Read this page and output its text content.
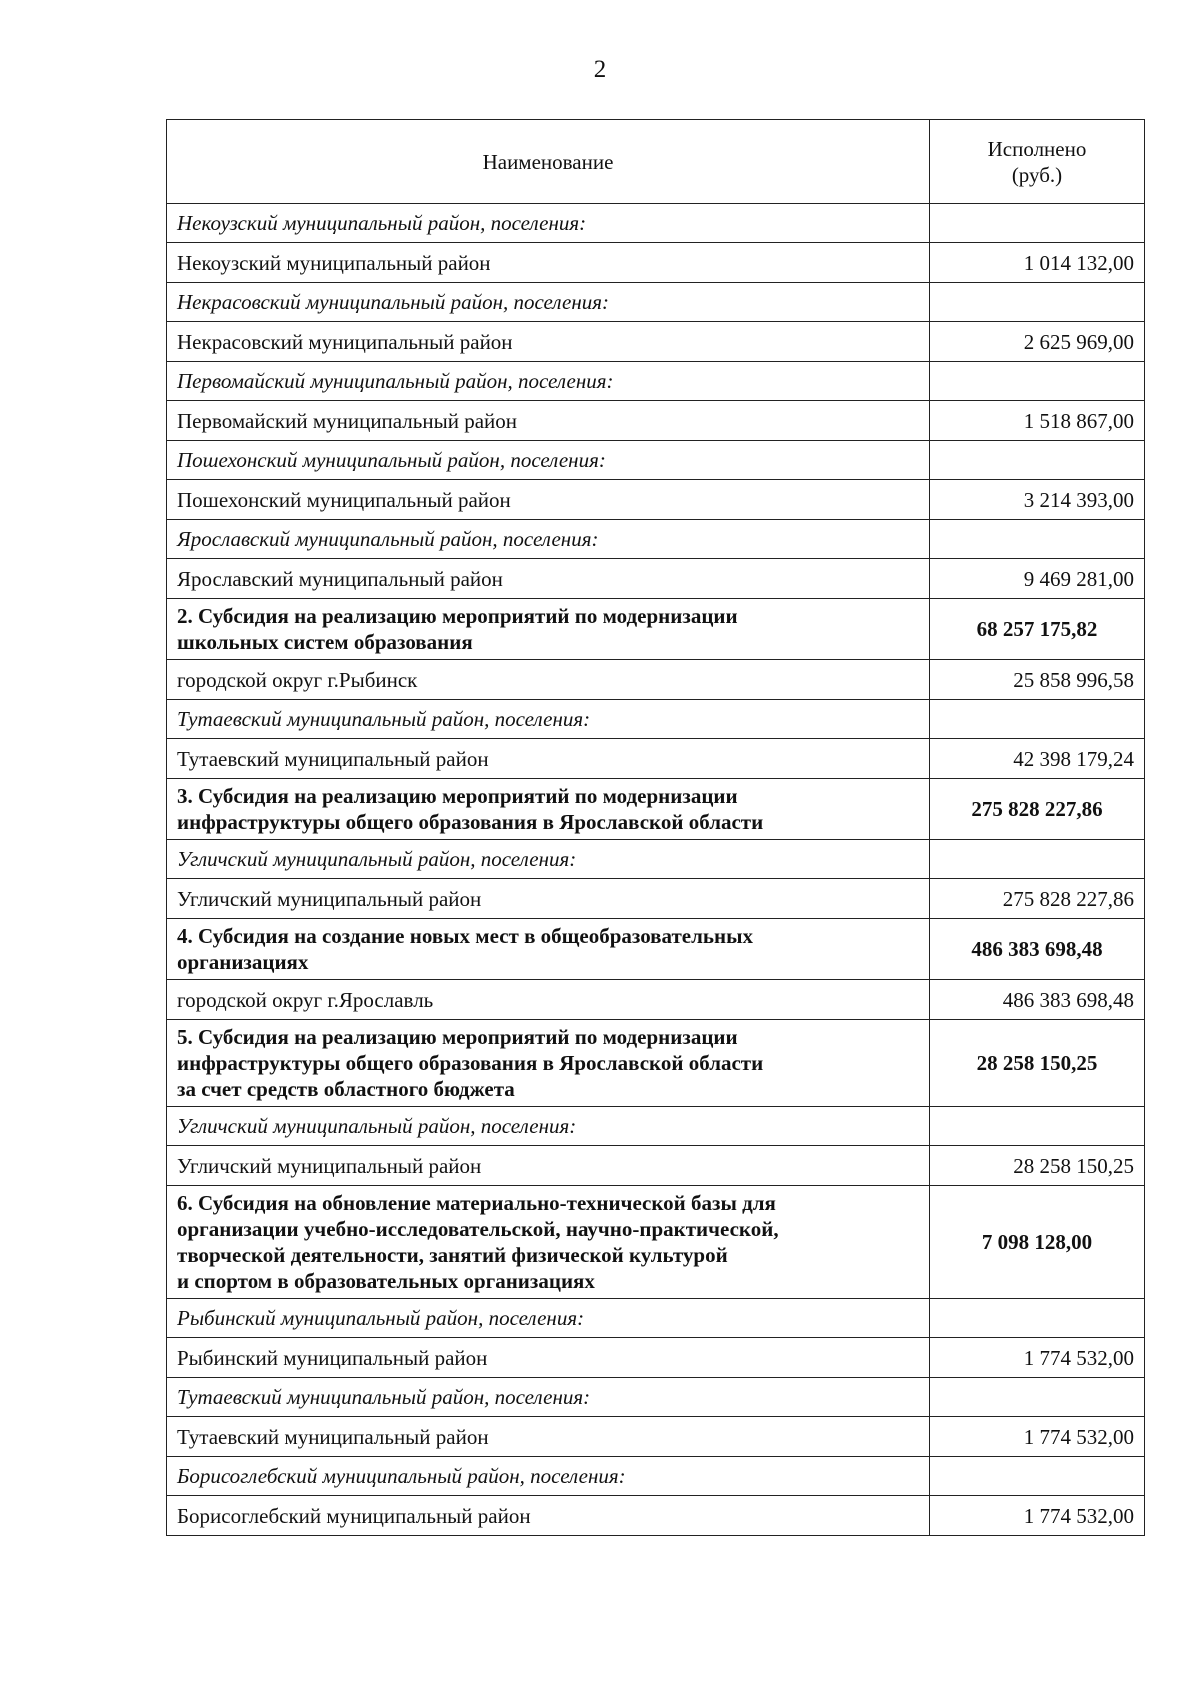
2
Наименование	Исполнено
(руб.)
Некоузский муниципальный район, поселения:	
Некоузский муниципальный район	1 014 132,00
Некрасовский муниципальный район, поселения:	
Некрасовский муниципальный район	2 625 969,00
Первомайский муниципальный район, поселения:	
Первомайский муниципальный район	1 518 867,00
Пошехонский муниципальный район, поселения:	
Пошехонский муниципальный район	3 214 393,00
Ярославский муниципальный район, поселения:	
Ярославский муниципальный район	9 469 281,00
2. Субсидия на реализацию мероприятий по модернизации
школьных систем образования	68 257 175,82
городской округ г.Рыбинск	25 858 996,58
Тутаевский муниципальный район, поселения:	
Тутаевский муниципальный район	42 398 179,24
3. Субсидия на реализацию мероприятий по модернизации
инфраструктуры общего образования в Ярославской области	275 828 227,86
Угличский муниципальный район, поселения:	
Угличский муниципальный район	275 828 227,86
4. Субсидия на создание новых мест в общеобразовательных
организациях	486 383 698,48
городской округ г.Ярославль	486 383 698,48
5. Субсидия на реализацию мероприятий по модернизации
инфраструктуры общего образования в Ярославской области
за счет средств областного бюджета	28 258 150,25
Угличский муниципальный район, поселения:	
Угличский муниципальный район	28 258 150,25
6. Субсидия на обновление материально-технической базы для
организации учебно-исследовательской, научно-практической,
творческой деятельности, занятий физической культурой
и спортом в образовательных организациях	7 098 128,00
Рыбинский муниципальный район, поселения:	
Рыбинский муниципальный район	1 774 532,00
Тутаевский муниципальный район, поселения:	
Тутаевский муниципальный район	1 774 532,00
Борисоглебский муниципальный район, поселения:	
Борисоглебский муниципальный район	1 774 532,00
